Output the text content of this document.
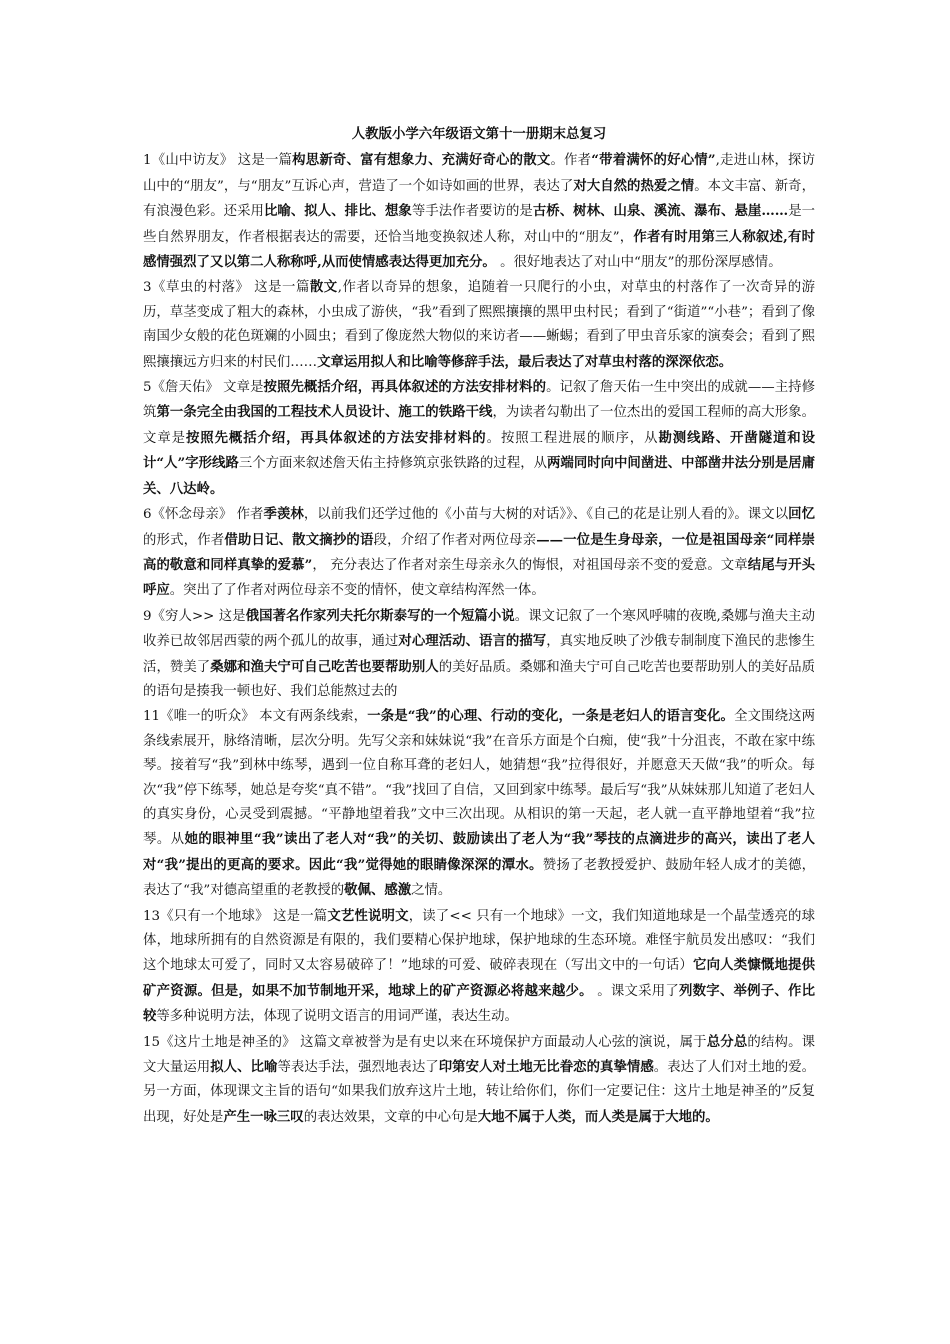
人教版小学六年级语文第十一册期末总复习

1《山中访友》 这是一篇构思新奇、富有想象力、充满好奇心的散文。作者“带着满怀的好心情”,走进山林，探访山中的“朋友”，与“朋友”互诉心声，营造了一个如诗如画的世界，表达了对大自然的热爱之情。本文丰富、新奇，有浪漫色彩。还采用比喻、拟人、排比、想象等手法作者要访的是古桥、树林、山泉、溪流、瀑布、悬崖……是一些自然界朋友，作者根据表达的需要，还恰当地变换叙述人称，对山中的“朋友”，作者有时用第三人称叙述,有时感情强烈了又以第二人称称呼,从而使情感表达得更加充分。 。很好地表达了对山中“朋友”的那份深厚感情。

3《草虫的村落》 这是一篇散文,作者以奇异的想象，追随着一只爬行的小虫，对草虫的村落作了一次奇异的游历，草茎变成了粗大的森林，小虫成了游侠，“我”看到了熙熙攘攘的黑甲虫村民；看到了“街道”“小巷”；看到了像南国少女般的花色斑斓的小圆虫；看到了像庞然大物似的来访者——蜥蜴；看到了甲虫音乐家的演奏会；看到了熙熙攘攘远方归来的村民们……文章运用拟人和比喻等修辞手法，最后表达了对草虫村落的深深依恋。

5《詹天佑》 文章是按照先概括介绍，再具体叙述的方法安排材料的。记叙了詹天佑一生中突出的成就——主持修筑第一条完全由我国的工程技术人员设计、施工的铁路干线，为读者勾勒出了一位杰出的爱国工程师的高大形象。文章是按照先概括介绍，再具体叙述的方法安排材料的。按照工程进展的顺序，从勘测线路、开凿隧道和设计“人”字形线路三个方面来叙述詹天佑主持修筑京张铁路的过程，从两端同时向中间凿进、中部凿井法分别是居庸关、八达岭。

6《怀念母亲》 作者季羡林，以前我们还学过他的《小苗与大树的对话》》、《自己的花是让别人看的》。课文以回忆的形式，作者借助日记、散文摘抄的语段，介绍了作者对两位母亲——一位是生身母亲，一位是祖国母亲“同样崇高的敬意和同样真挚的爱慕”， 充分表达了作者对亲生母亲永久的悔恨，对祖国母亲不变的爱意。文章结尾与开头呼应。突出了了作者对两位母亲不变的情怀，使文章结构浑然一体。

9《穷人>> 这是俄国著名作家列夫托尔斯泰写的一个短篇小说。课文记叙了一个寒风呼啸的夜晚,桑娜与渔夫主动收养已故邻居西蒙的两个孤儿的故事，通过对心理活动、语言的描写，真实地反映了沙俄专制制度下渔民的悲惨生活，赞美了桑娜和渔夫宁可自己吃苦也要帮助别人的美好品质。桑娜和渔夫宁可自己吃苦也要帮助别人的美好品质的语句是揍我一顿也好、我们总能熬过去的

11《唯一的听众》 本文有两条线索，一条是“我”的心理、行动的变化，一条是老妇人的语言变化。全文围绕这两条线索展开，脉络清晰，层次分明。先写父亲和妹妹说“我”在音乐方面是个白痴，使“我”十分沮丧，不敢在家中练琴。接着写“我”到林中练琴，遇到一位自称耳聋的老妇人，她猜想“我”拉得很好，并愿意天天做“我”的听众。每次“我”停下练琴，她总是夸奖“真不错”。“我”找回了自信，又回到家中练琴。最后写“我”从妹妹那儿知道了老妇人的真实身份，心灵受到震撼。“平静地望着我”文中三次出现。从相识的第一天起，老人就一直平静地望着“我”拉琴。从她的眼神里“我”读出了老人对“我”的关切、鼓励读出了老人为“我”琴技的点滴进步的高兴，读出了老人对“我”提出的更高的要求。因此“我”觉得她的眼睛像深深的潭水。赞扬了老教授爱护、鼓励年轻人成才的美德，表达了“我”对德高望重的老教授的敬佩、感激之情。

13《只有一个地球》 这是一篇文艺性说明文，读了<< 只有一个地球》一文，我们知道地球是一个晶莹透亮的球体，地球所拥有的自然资源是有限的，我们要精心保护地球，保护地球的生态环境。难怪宇航员发出感叹：“我们这个地球太可爱了，同时又太容易破碎了！”地球的可爱、破碎表现在（写出文中的一句话）它向人类慷慨地提供矿产资源。但是，如果不加节制地开采，地球上的矿产资源必将越来越少。 。课文采用了列数字、举例子、作比较等多种说明方法，体现了说明文语言的用词严谨，表达生动。

15《这片土地是神圣的》 这篇文章被誉为是有史以来在环境保护方面最动人心弦的演说，属于总分总的结构。课文大量运用拟人、比喻等表达手法，强烈地表达了印第安人对土地无比眷恋的真挚情感。表达了人们对土地的爱。另一方面，体现课文主旨的语句“如果我们放弃这片土地，转让给你们，你们一定要记住：这片土地是神圣的”反复出现，好处是产生一咏三叹的表达效果，文章的中心句是大地不属于人类，而人类是属于大地的。
